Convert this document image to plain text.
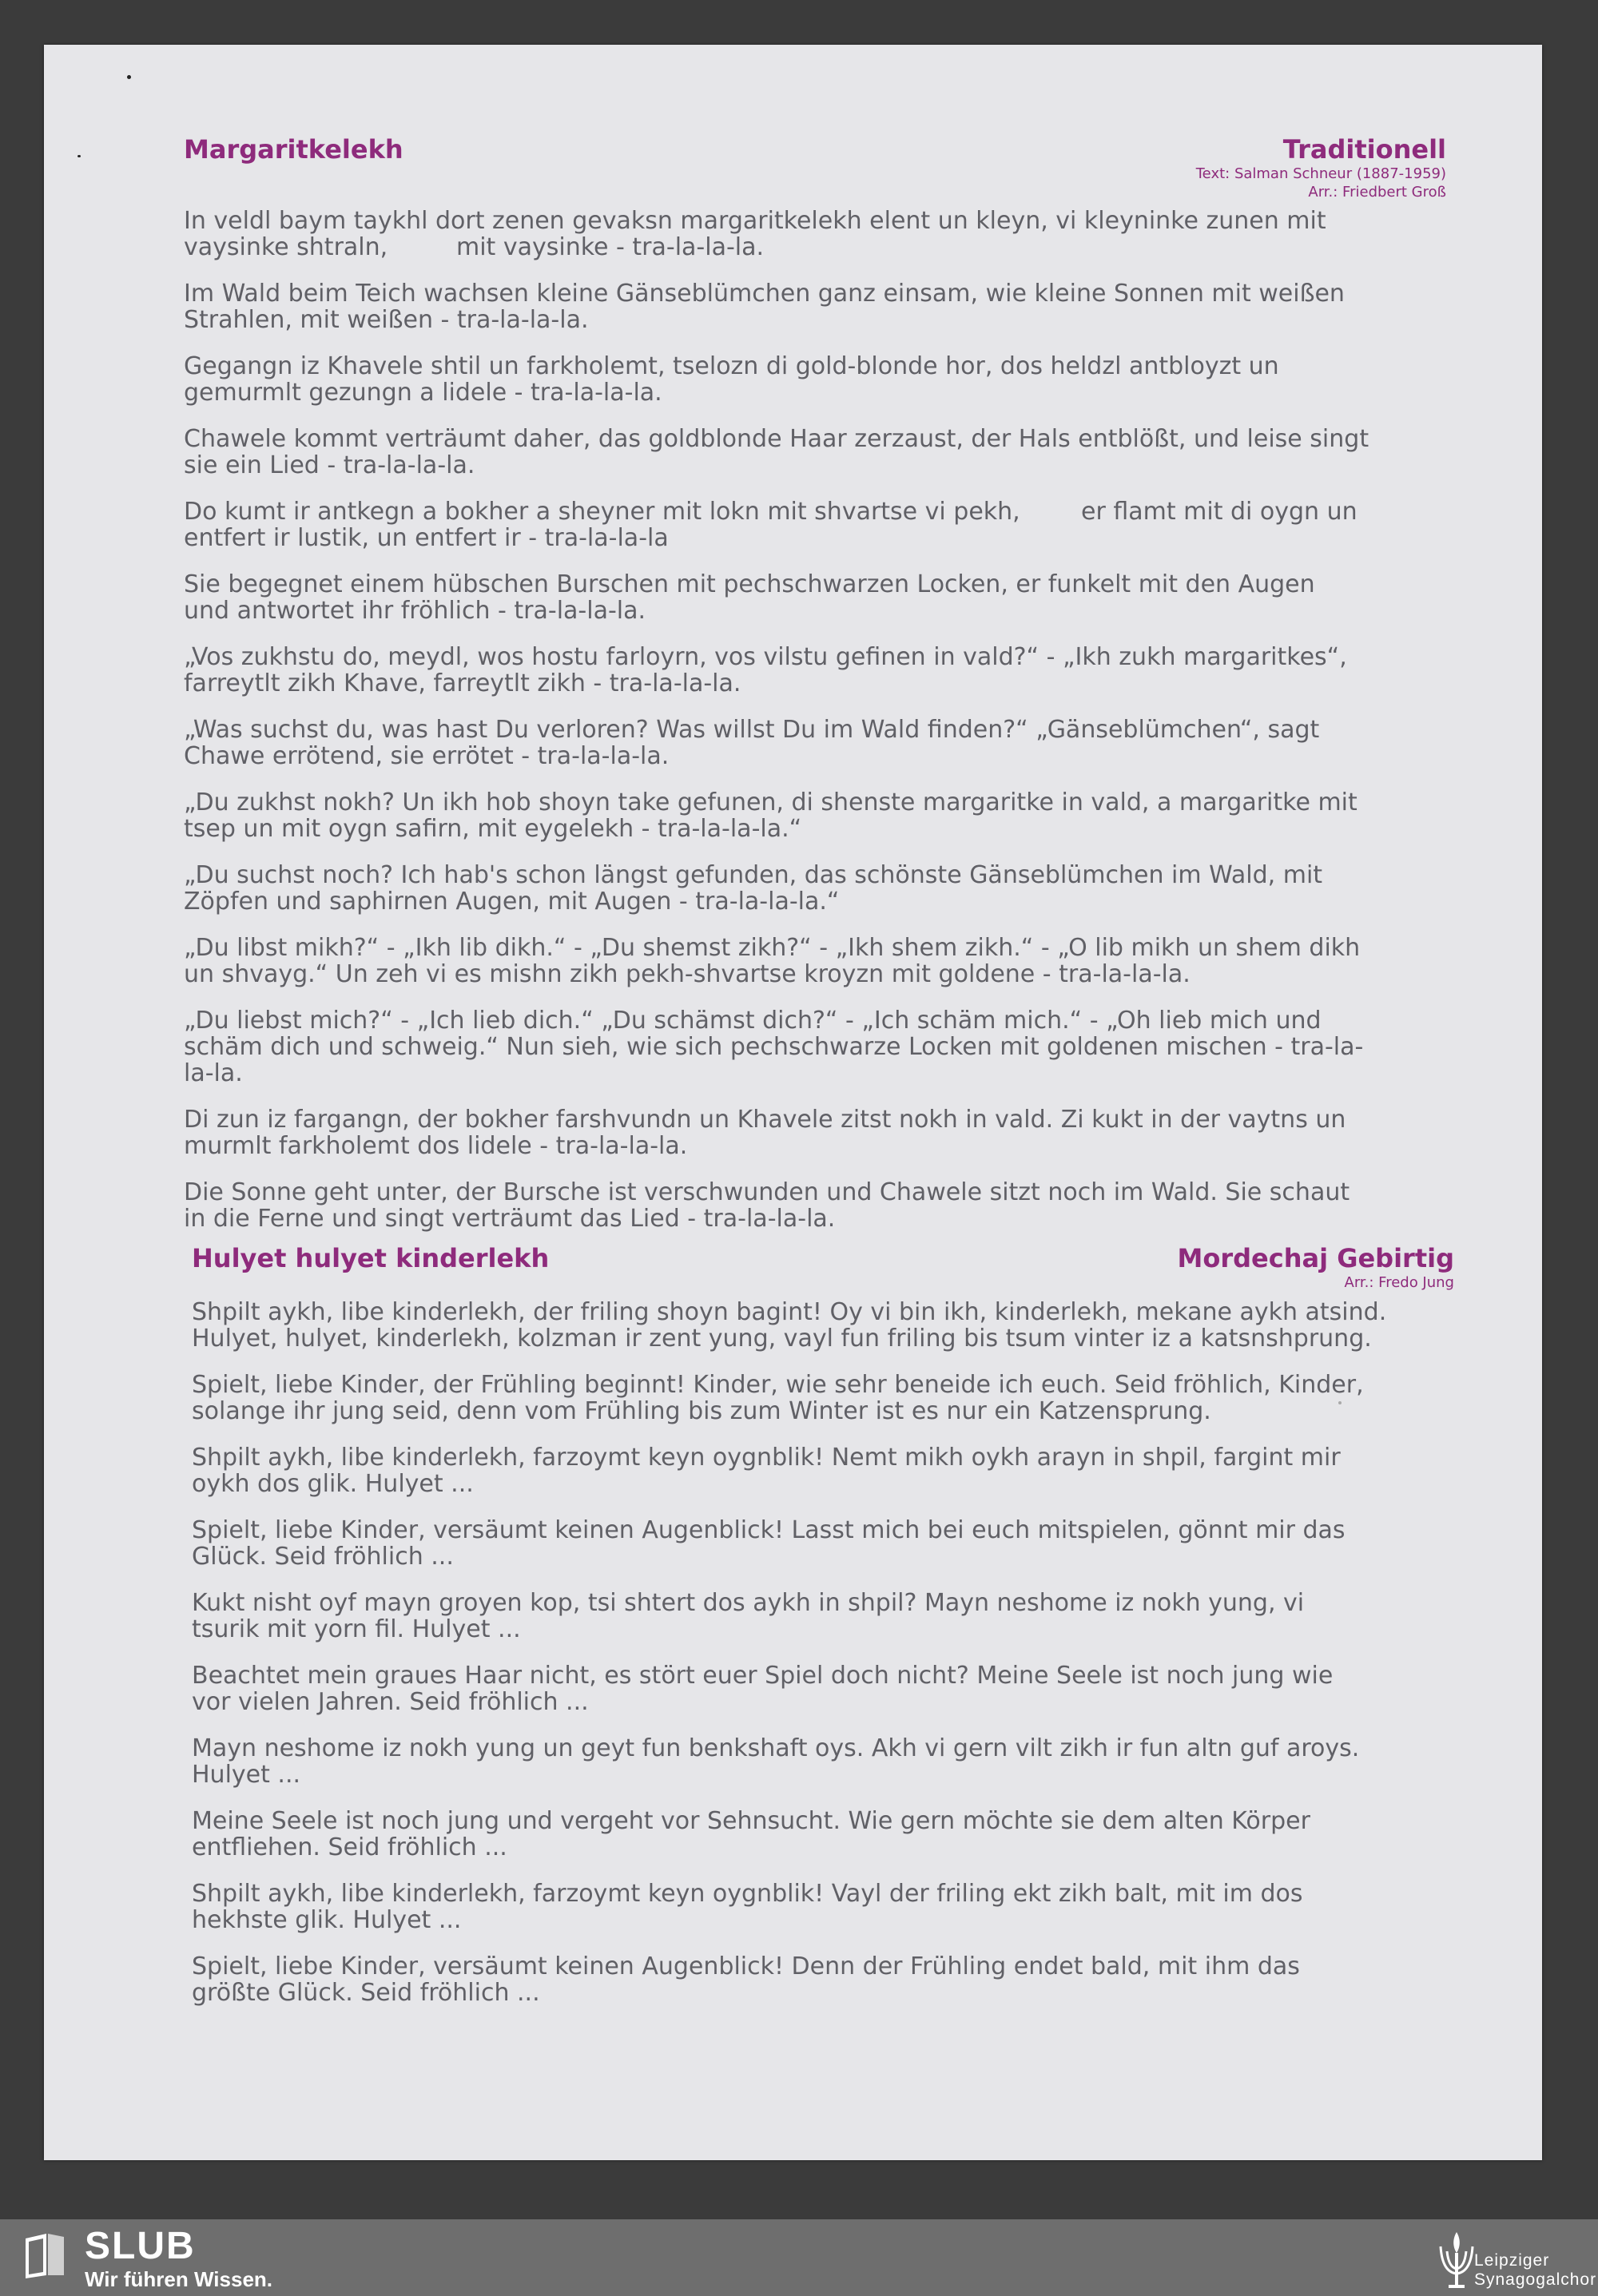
Margaritkelekh	Traditionell
Text: Salman Schneur (1887-1959)
Arr.: Friedbert Groß

In veldl baym taykhl dort zenen gevaksn margaritkelekh elent un kleyn, vi kleyninke zunen mit
vaysinke shtraln,         mit vaysinke - tra-la-la-la.

Im Wald beim Teich wachsen kleine Gänseblümchen ganz einsam, wie kleine Sonnen mit weißen
Strahlen, mit weißen - tra-la-la-la.

Gegangn iz Khavele shtil un farkholemt, tselozn di gold-blonde hor, dos heldzl antbloyzt un
gemurmlt gezungn a lidele - tra-la-la-la.

Chawele kommt verträumt daher, das goldblonde Haar zerzaust, der Hals entblößt, und leise singt
sie ein Lied - tra-la-la-la.

Do kumt ir antkegn a bokher a sheyner mit lokn mit shvartse vi pekh,        er flamt mit di oygn un
entfert ir lustik, un entfert ir - tra-la-la-la

Sie begegnet einem hübschen Burschen mit pechschwarzen Locken, er funkelt mit den Augen
und antwortet ihr fröhlich - tra-la-la-la.

„Vos zukhstu do, meydl, wos hostu farloyrn, vos vilstu gefinen in vald?“ - „Ikh zukh margaritkes“,
farreytlt zikh Khave, farreytlt zikh - tra-la-la-la.

„Was suchst du, was hast Du verloren? Was willst Du im Wald finden?“ „Gänseblümchen“, sagt
Chawe errötend, sie errötet - tra-la-la-la.

„Du zukhst nokh? Un ikh hob shoyn take gefunen, di shenste margaritke in vald, a margaritke mit
tsep un mit oygn safirn, mit eygelekh - tra-la-la-la.“

„Du suchst noch? Ich hab's schon längst gefunden, das schönste Gänseblümchen im Wald, mit
Zöpfen und saphirnen Augen, mit Augen - tra-la-la-la.“

„Du libst mikh?“ - „Ikh lib dikh.“ - „Du shemst zikh?“ - „Ikh shem zikh.“ - „O lib mikh un shem dikh
un shvayg.“ Un zeh vi es mishn zikh pekh-shvartse kroyzn mit goldene - tra-la-la-la.

„Du liebst mich?“ - „Ich lieb dich.“ „Du schämst dich?“ - „Ich schäm mich.“ - „Oh lieb mich und
schäm dich und schweig.“ Nun sieh, wie sich pechschwarze Locken mit goldenen mischen - tra-la-
la-la.

Di zun iz fargangn, der bokher farshvundn un Khavele zitst nokh in vald. Zi kukt in der vaytns un
murmlt farkholemt dos lidele - tra-la-la-la.

Die Sonne geht unter, der Bursche ist verschwunden und Chawele sitzt noch im Wald. Sie schaut
in die Ferne und singt verträumt das Lied - tra-la-la-la.

Hulyet hulyet kinderlekh	Mordechaj Gebirtig
Arr.: Fredo Jung

Shpilt aykh, libe kinderlekh, der friling shoyn bagint! Oy vi bin ikh, kinderlekh, mekane aykh atsind.
Hulyet, hulyet, kinderlekh, kolzman ir zent yung, vayl fun friling bis tsum vinter iz a katsnshprung.

Spielt, liebe Kinder, der Frühling beginnt! Kinder, wie sehr beneide ich euch. Seid fröhlich, Kinder,
solange ihr jung seid, denn vom Frühling bis zum Winter ist es nur ein Katzensprung.

Shpilt aykh, libe kinderlekh, farzoymt keyn oygnblik! Nemt mikh oykh arayn in shpil, fargint mir
oykh dos glik. Hulyet ...

Spielt, liebe Kinder, versäumt keinen Augenblick! Lasst mich bei euch mitspielen, gönnt mir das
Glück. Seid fröhlich ...

Kukt nisht oyf mayn groyen kop, tsi shtert dos aykh in shpil? Mayn neshome iz nokh yung, vi
tsurik mit yorn fil. Hulyet ...

Beachtet mein graues Haar nicht, es stört euer Spiel doch nicht? Meine Seele ist noch jung wie
vor vielen Jahren. Seid fröhlich ...

Mayn neshome iz nokh yung un geyt fun benkshaft oys. Akh vi gern vilt zikh ir fun altn guf aroys.
Hulyet ...

Meine Seele ist noch jung und vergeht vor Sehnsucht. Wie gern möchte sie dem alten Körper
entfliehen. Seid fröhlich ...

Shpilt aykh, libe kinderlekh, farzoymt keyn oygnblik! Vayl der friling ekt zikh balt, mit im dos
hekhste glik. Hulyet ...

Spielt, liebe Kinder, versäumt keinen Augenblick! Denn der Frühling endet bald, mit ihm das
größte Glück. Seid fröhlich ...

SLUB
Wir führen Wissen.
Leipziger
Synagogalchor
